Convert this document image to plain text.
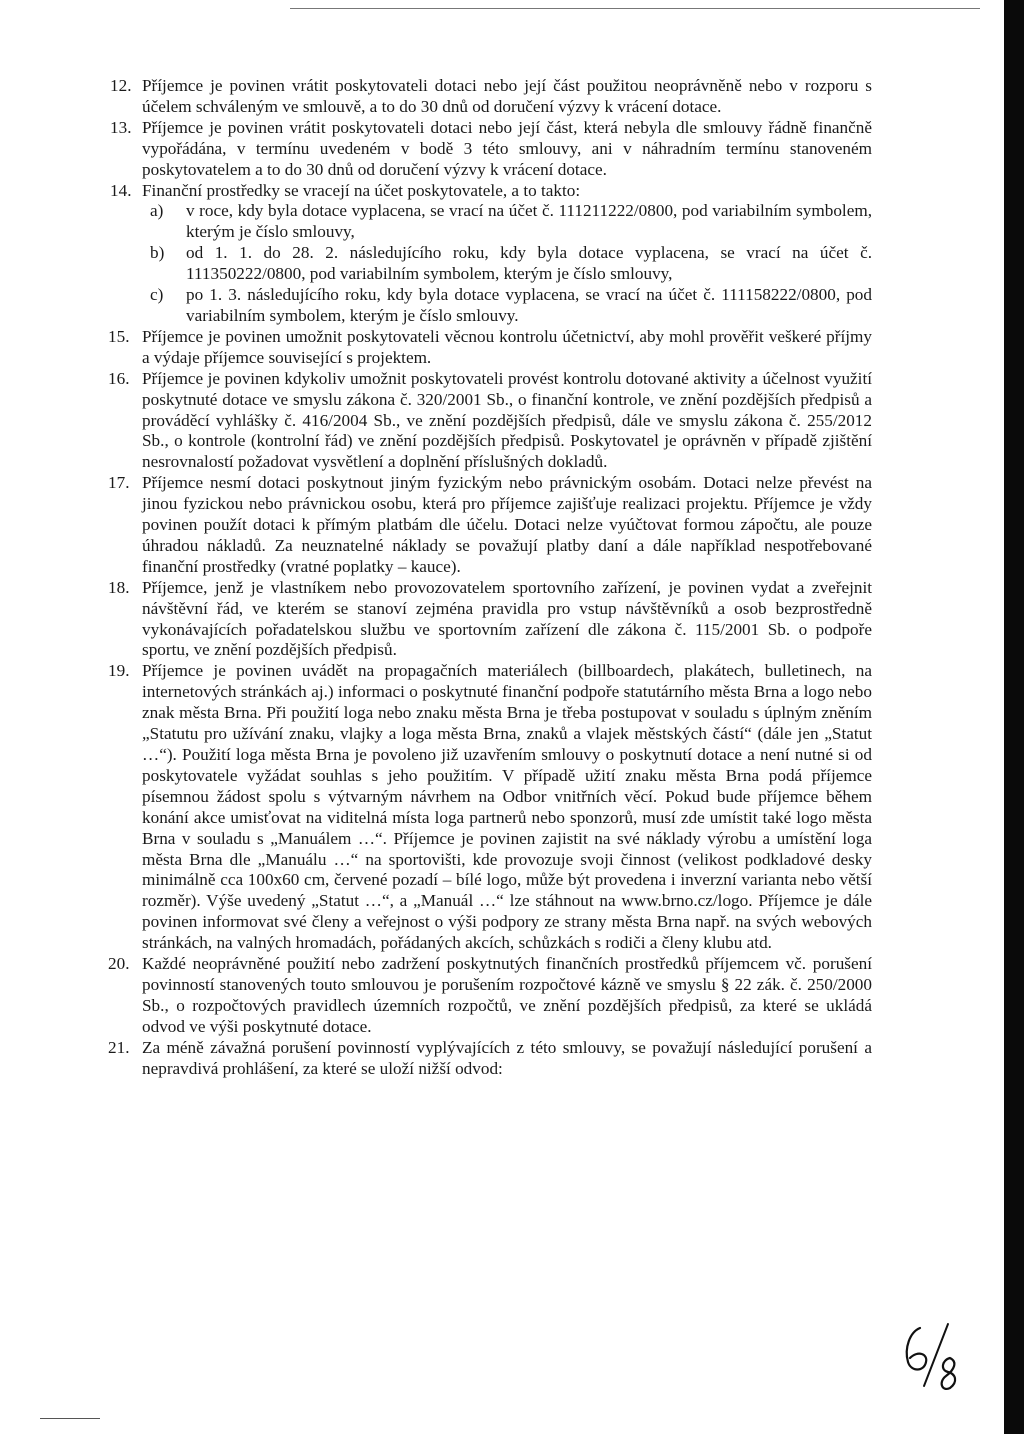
12. Příjemce je povinen vrátit poskytovateli dotaci nebo její část použitou neoprávněně nebo v rozporu s účelem schváleným ve smlouvě, a to do 30 dnů od doručení výzvy k vrácení dotace.
13. Příjemce je povinen vrátit poskytovateli dotaci nebo její část, která nebyla dle smlouvy řádně finančně vypořádána, v termínu uvedeném v bodě 3 této smlouvy, ani v náhradním termínu stanoveném poskytovatelem a to do 30 dnů od doručení výzvy k vrácení dotace.
14. Finanční prostředky se vracejí na účet poskytovatele, a to takto:
a) v roce, kdy byla dotace vyplacena, se vrací na účet č. 111211222/0800, pod variabilním symbolem, kterým je číslo smlouvy,
b) od 1. 1. do 28. 2. následujícího roku, kdy byla dotace vyplacena, se vrací na účet č. 111350222/0800, pod variabilním symbolem, kterým je číslo smlouvy,
c) po 1. 3. následujícího roku, kdy byla dotace vyplacena, se vrací na účet č. 111158222/0800, pod variabilním symbolem, kterým je číslo smlouvy.
15. Příjemce je povinen umožnit poskytovateli věcnou kontrolu účetnictví, aby mohl prověřit veškeré příjmy a výdaje příjemce související s projektem.
16. Příjemce je povinen kdykoliv umožnit poskytovateli provést kontrolu dotované aktivity a účelnost využití poskytnuté dotace ve smyslu zákona č. 320/2001 Sb., o finanční kontrole, ve znění pozdějších předpisů a prováděcí vyhlášky č. 416/2004 Sb., ve znění pozdějších předpisů, dále ve smyslu zákona č. 255/2012 Sb., o kontrole (kontrolní řád) ve znění pozdějších předpisů. Poskytovatel je oprávněn v případě zjištění nesrovnalostí požadovat vysvětlení a doplnění příslušných dokladů.
17. Příjemce nesmí dotaci poskytnout jiným fyzickým nebo právnickým osobám. Dotaci nelze převést na jinou fyzickou nebo právnickou osobu, která pro příjemce zajišťuje realizaci projektu. Příjemce je vždy povinen použít dotaci k přímým platbám dle účelu. Dotaci nelze vyúčtovat formou zápočtu, ale pouze úhradou nákladů. Za neuznatelné náklady se považují platby daní a dále například nespotřebované finanční prostředky (vratné poplatky – kauce).
18. Příjemce, jenž je vlastníkem nebo provozovatelem sportovního zařízení, je povinen vydat a zveřejnit návštěvní řád, ve kterém se stanoví zejména pravidla pro vstup návštěvníků a osob bezprostředně vykonávajících pořadatelskou službu ve sportovním zařízení dle zákona č. 115/2001 Sb. o podpoře sportu, ve znění pozdějších předpisů.
19. Příjemce je povinen uvádět na propagačních materiálech (billboardech, plakátech, bulletinech, na internetových stránkách aj.) informaci o poskytnuté finanční podpoře statutárního města Brna a logo nebo znak města Brna. Při použití loga nebo znaku města Brna je třeba postupovat v souladu s úplným zněním „Statutu pro užívání znaku, vlajky a loga města Brna, znaků a vlajek městských částí“ (dále jen „Statut …“). Použití loga města Brna je povoleno již uzavřením smlouvy o poskytnutí dotace a není nutné si od poskytovatele vyžádat souhlas s jeho použitím. V případě užití znaku města Brna podá příjemce písemnou žádost spolu s výtvarným návrhem na Odbor vnitřních věcí. Pokud bude příjemce během konání akce umisťovat na viditelná místa loga partnerů nebo sponzorů, musí zde umístit také logo města Brna v souladu s „Manuálem …“. Příjemce je povinen zajistit na své náklady výrobu a umístění loga města Brna dle „Manuálu …“ na sportovišti, kde provozuje svoji činnost (velikost podkladové desky minimálně cca 100x60 cm, červené pozadí – bílé logo, může být provedena i inverzní varianta nebo větší rozměr). Výše uvedený „Statut …“, a „Manuál …“ lze stáhnout na www.brno.cz/logo. Příjemce je dále povinen informovat své členy a veřejnost o výši podpory ze strany města Brna např. na svých webových stránkách, na valných hromadách, pořádaných akcích, schůzkách s rodiči a členy klubu atd.
20. Každé neoprávněné použití nebo zadržení poskytnutých finančních prostředků příjemcem vč. porušení povinností stanovených touto smlouvou je porušením rozpočtové kázně ve smyslu § 22 zák. č. 250/2000 Sb., o rozpočtových pravidlech územních rozpočtů, ve znění pozdějších předpisů, za které se ukládá odvod ve výši poskytnuté dotace.
21. Za méně závažná porušení povinností vyplývajících z této smlouvy, se považují následující porušení a nepravdivá prohlášení, za které se uloží nižší odvod:
